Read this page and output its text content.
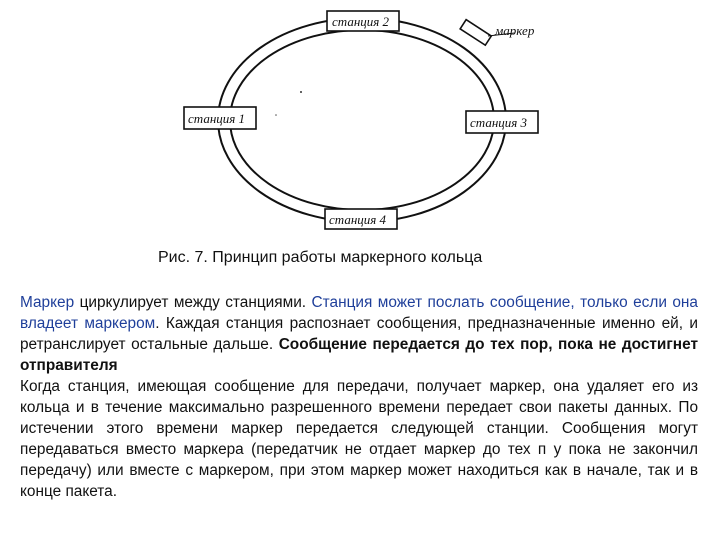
станция 2
станция 1	станция 3
станция 4
маркер
Рис. 7. Принцип работы маркерного кольца

Маркер циркулирует между станциями. Станция может послать сообщение, только если она владеет маркером. Каждая станция распознает сообщения, предназначенные именно ей, и ретранслирует остальные дальше. Сообщение передается до тех пор, пока не достигнет отправителя

Когда станция, имеющая сообщение для передачи, получает маркер, она удаляет его из кольца и в течение максимально разрешенного времени передает свои пакеты данных. По истечении этого времени маркер передается следующей станции. Сообщения могут передаваться вместо маркера (передатчик не отдает маркер до тех п у пока не закончил передачу) или вместе с маркером, при этом маркер может находиться как в начале, так и в конце пакета.
